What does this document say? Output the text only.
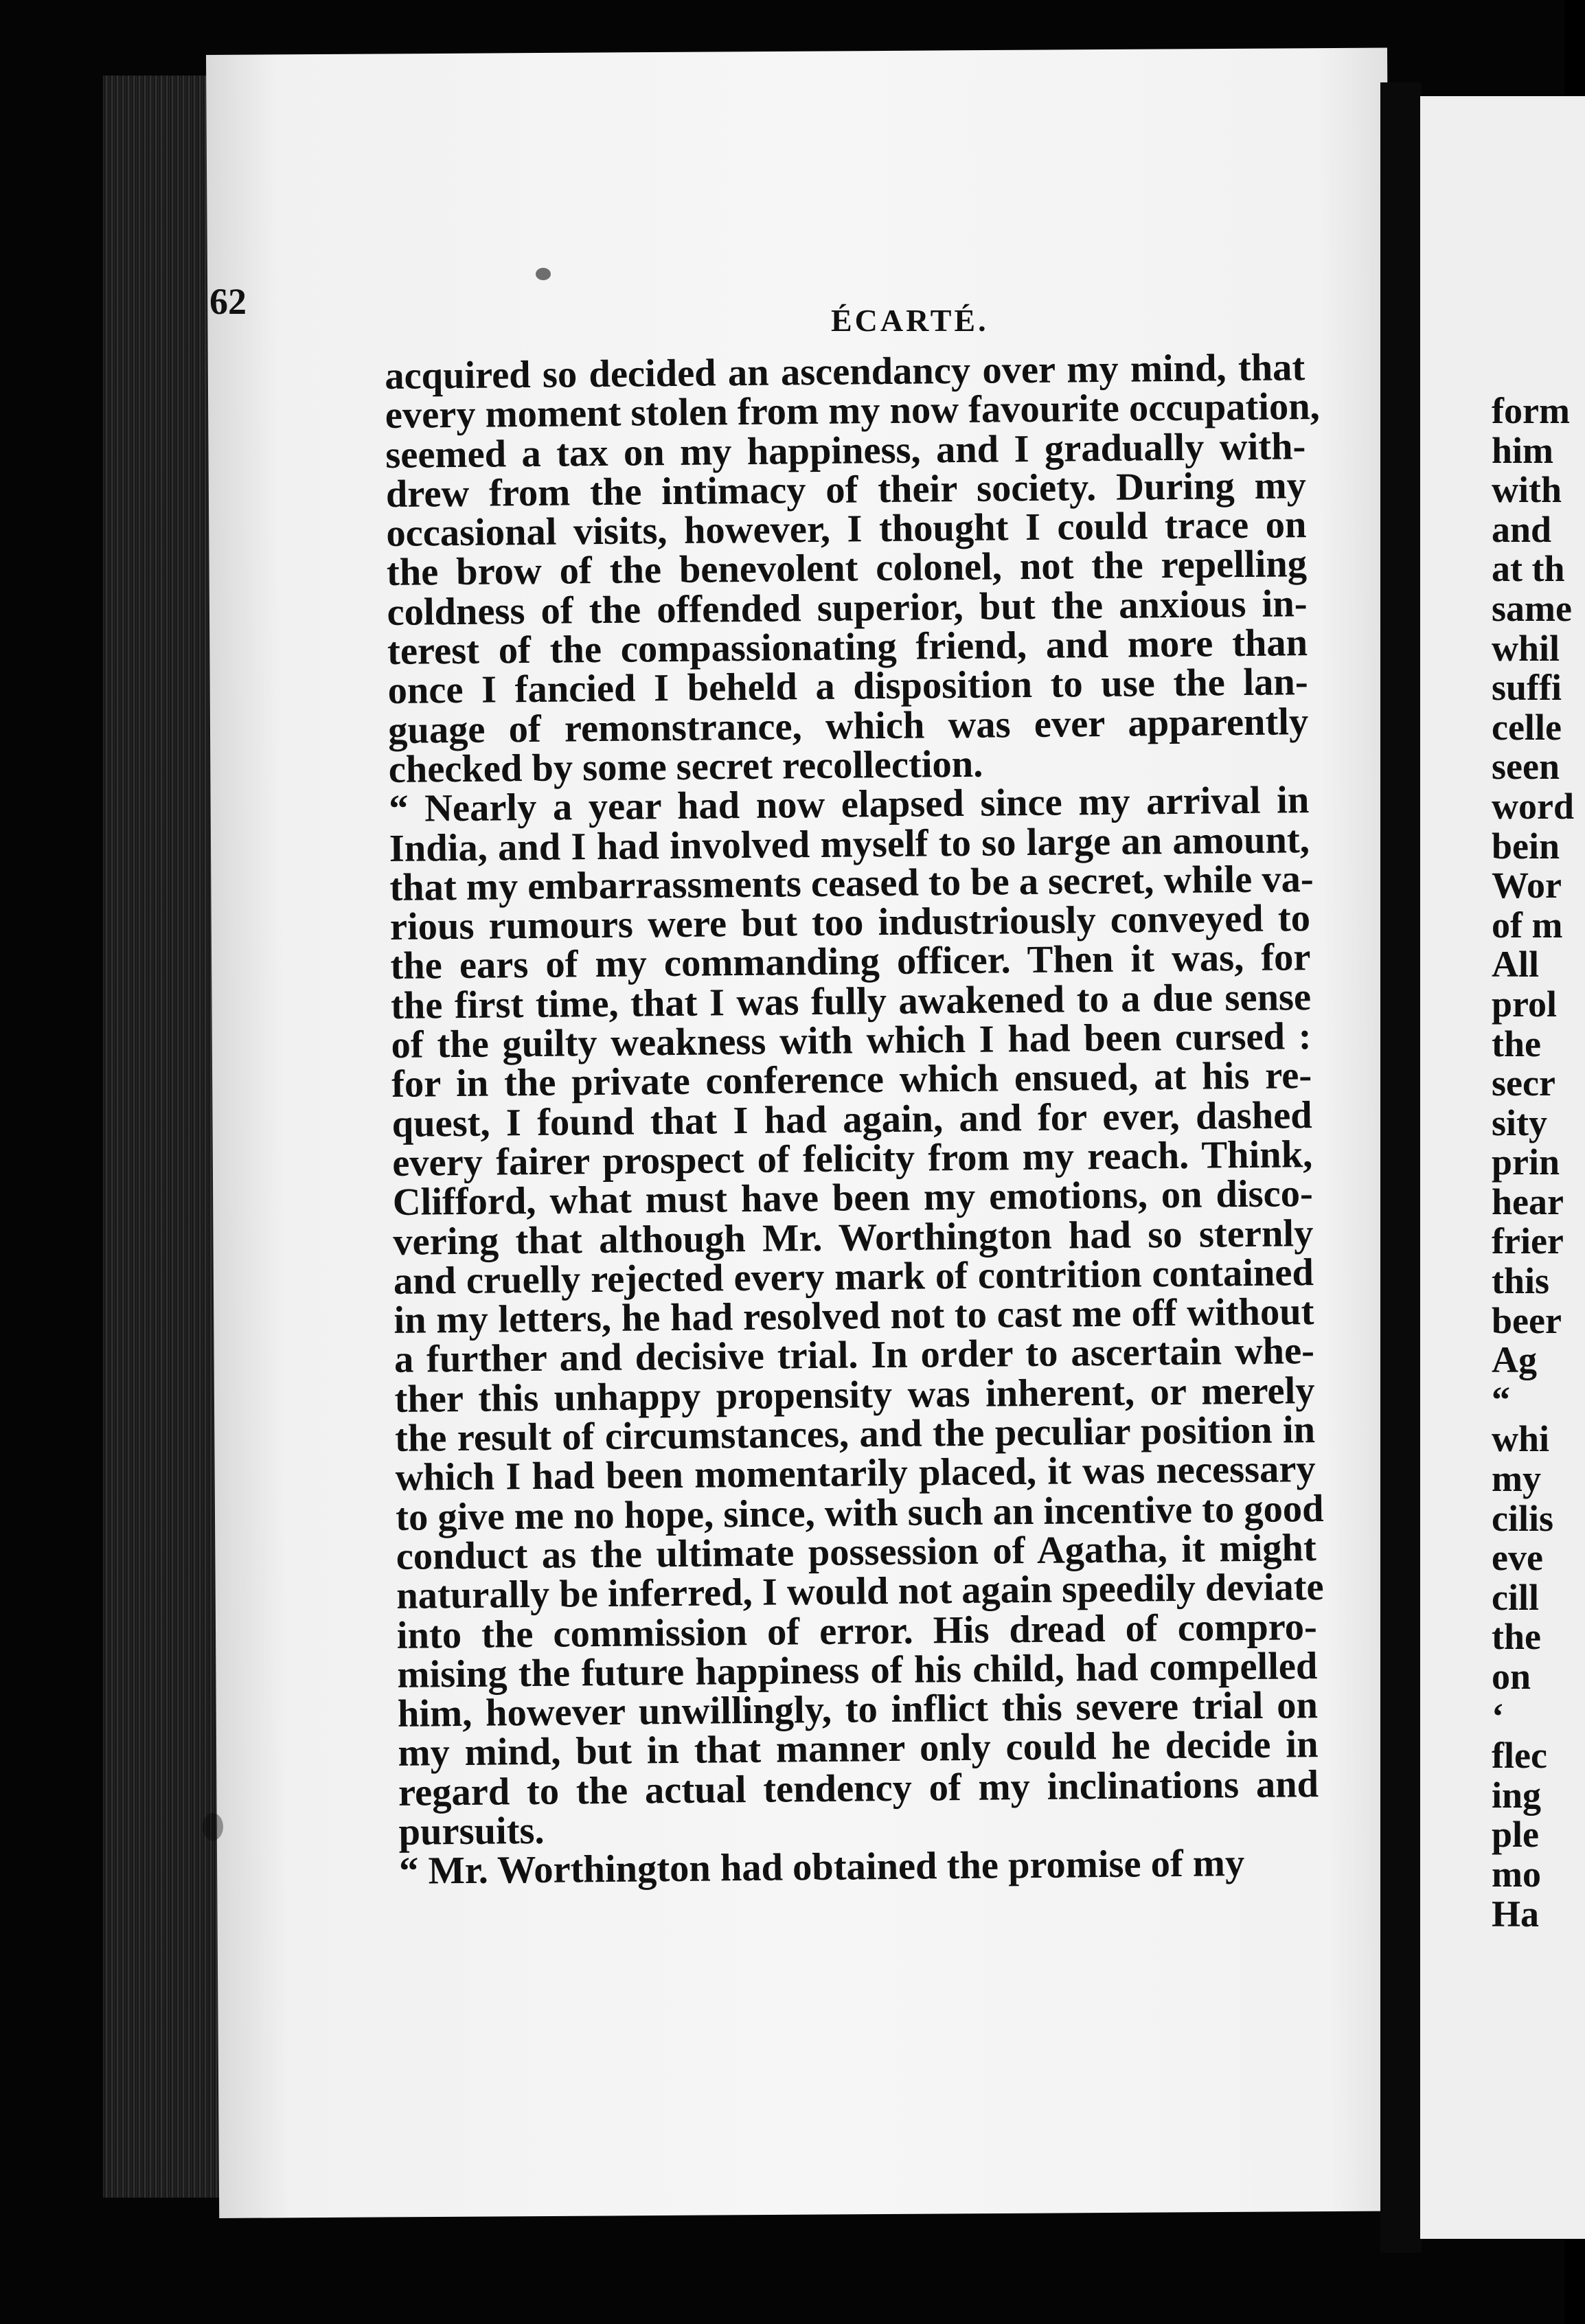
62	ÉCARTÉ.
acquired so decided an ascendancy over my mind, that
every moment stolen from my now favourite occupation,
seemed a tax on my happiness, and I gradually with-
drew from the intimacy of their society. During my
occasional visits, however, I thought I could trace on
the brow of the benevolent colonel, not the repelling
coldness of the offended superior, but the anxious in-
terest of the compassionating friend, and more than
once I fancied I beheld a disposition to use the lan-
guage of remonstrance, which was ever apparently
checked by some secret recollection.
“ Nearly a year had now elapsed since my arrival in
India, and I had involved myself to so large an amount,
that my embarrassments ceased to be a secret, while va-
rious rumours were but too industriously conveyed to
the ears of my commanding officer. Then it was, for
the first time, that I was fully awakened to a due sense
of the guilty weakness with which I had been cursed :
for in the private conference which ensued, at his re-
quest, I found that I had again, and for ever, dashed
every fairer prospect of felicity from my reach. Think,
Clifford, what must have been my emotions, on disco-
vering that although Mr. Worthington had so sternly
and cruelly rejected every mark of contrition contained
in my letters, he had resolved not to cast me off without
a further and decisive trial. In order to ascertain whe-
ther this unhappy propensity was inherent, or merely
the result of circumstances, and the peculiar position in
which I had been momentarily placed, it was necessary
to give me no hope, since, with such an incentive to good
conduct as the ultimate possession of Agatha, it might
naturally be inferred, I would not again speedily deviate
into the commission of error. His dread of compro-
mising the future happiness of his child, had compelled
him, however unwillingly, to inflict this severe trial on
my mind, but in that manner only could he decide in
regard to the actual tendency of my inclinations and
pursuits.
“ Mr. Worthington had obtained the promise of my
form
him
with
and
at th
same
whil
suffi
celle
seen
word
bein
Wor
of m
All
prol
the
secr
sity
prin
hear
frier
this
beer
Ag
“
whi
my
cilis
eve
cill
the
on
‘
flec
ing
ple
mo
Ha
